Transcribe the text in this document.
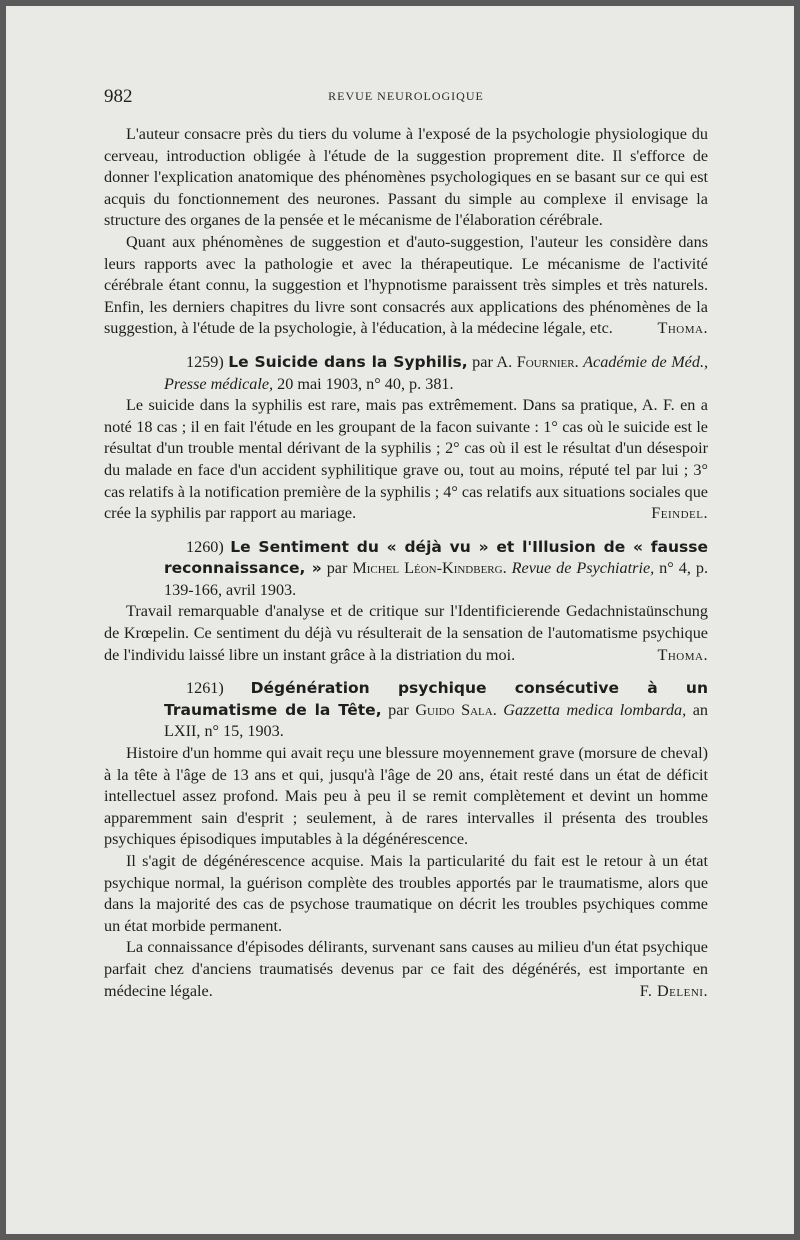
982	REVUE NEUROLOGIQUE

L'auteur consacre près du tiers du volume à l'exposé de la psychologie physiologique du cerveau, introduction obligée à l'étude de la suggestion proprement dite. Il s'efforce de donner l'explication anatomique des phénomènes psychologiques en se basant sur ce qui est acquis du fonctionnement des neurones. Passant du simple au complexe il envisage la structure des organes de la pensée et le mécanisme de l'élaboration cérébrale.

Quant aux phénomènes de suggestion et d'auto-suggestion, l'auteur les considère dans leurs rapports avec la pathologie et avec la thérapeutique. Le mécanisme de l'activité cérébrale étant connu, la suggestion et l'hypnotisme paraissent très simples et très naturels. Enfin, les derniers chapitres du livre sont consacrés aux applications des phénomènes de la suggestion, à l'étude de la psychologie, à l'éducation, à la médecine légale, etc.	Thoma.

1259) Le Suicide dans la Syphilis, par A. Fournier. Académie de Méd., Presse médicale, 20 mai 1903, n° 40, p. 381.

Le suicide dans la syphilis est rare, mais pas extrêmement. Dans sa pratique, A. F. en a noté 18 cas ; il en fait l'étude en les groupant de la facon suivante : 1° cas où le suicide est le résultat d'un trouble mental dérivant de la syphilis ; 2° cas où il est le résultat d'un désespoir du malade en face d'un accident syphilitique grave ou, tout au moins, réputé tel par lui ; 3° cas relatifs à la notification première de la syphilis ; 4° cas relatifs aux situations sociales que crée la syphilis par rapport au mariage.	Feindel.

1260) Le Sentiment du « déjà vu » et l'Illusion de « fausse reconnaissance, » par Michel Léon-Kindberg. Revue de Psychiatrie, n° 4, p. 139-166, avril 1903.

Travail remarquable d'analyse et de critique sur l'Identificierende Gedachnistaünschung de Krœpelin. Ce sentiment du déjà vu résulterait de la sensation de l'automatisme psychique de l'individu laissé libre un instant grâce à la distriation du moi.	Thoma.

1261) Dégénération psychique consécutive à un Traumatisme de la Tête, par Guido Sala. Gazzetta medica lombarda, an LXII, n° 15, 1903.

Histoire d'un homme qui avait reçu une blessure moyennement grave (morsure de cheval) à la tête à l'âge de 13 ans et qui, jusqu'à l'âge de 20 ans, était resté dans un état de déficit intellectuel assez profond. Mais peu à peu il se remit complètement et devint un homme apparemment sain d'esprit ; seulement, à de rares intervalles il présenta des troubles psychiques épisodiques imputables à la dégénérescence.

Il s'agit de dégénérescence acquise. Mais la particularité du fait est le retour à un état psychique normal, la guérison complète des troubles apportés par le traumatisme, alors que dans la majorité des cas de psychose traumatique on décrit les troubles psychiques comme un état morbide permanent.

La connaissance d'épisodes délirants, survenant sans causes au milieu d'un état psychique parfait chez d'anciens traumatisés devenus par ce fait des dégénérés, est importante en médecine légale.	F. Deleni.
